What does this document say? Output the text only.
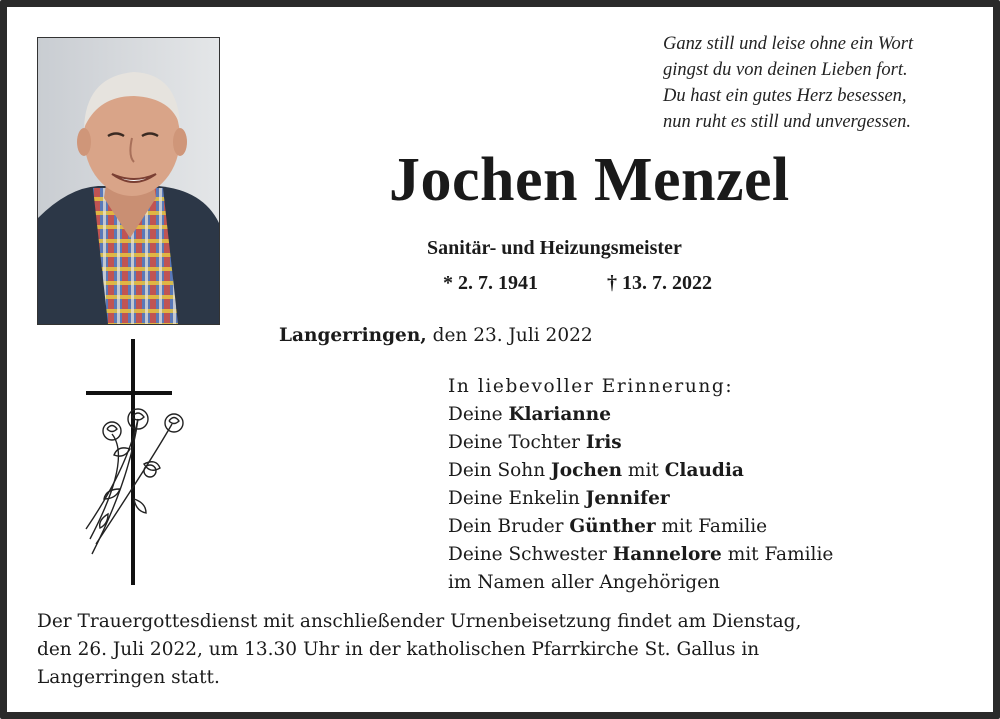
Ganz still und leise ohne ein Wort
gingst du von deinen Lieben fort.
Du hast ein gutes Herz besessen,
nun ruht es still und unvergessen.
Jochen Menzel
Sanitär- und Heizungsmeister
* 2. 7. 1941	† 13. 7. 2022
Langerringen, den 23. Juli 2022
In liebevoller Erinnerung:
Deine Klarianne
Deine Tochter Iris
Dein Sohn Jochen mit Claudia
Deine Enkelin Jennifer
Dein Bruder Günther mit Familie
Deine Schwester Hannelore mit Familie
im Namen aller Angehörigen
Der Trauergottesdienst mit anschließender Urnenbeisetzung findet am Dienstag,
den 26. Juli 2022, um 13.30 Uhr in der katholischen Pfarrkirche St. Gallus in
Langerringen statt.
